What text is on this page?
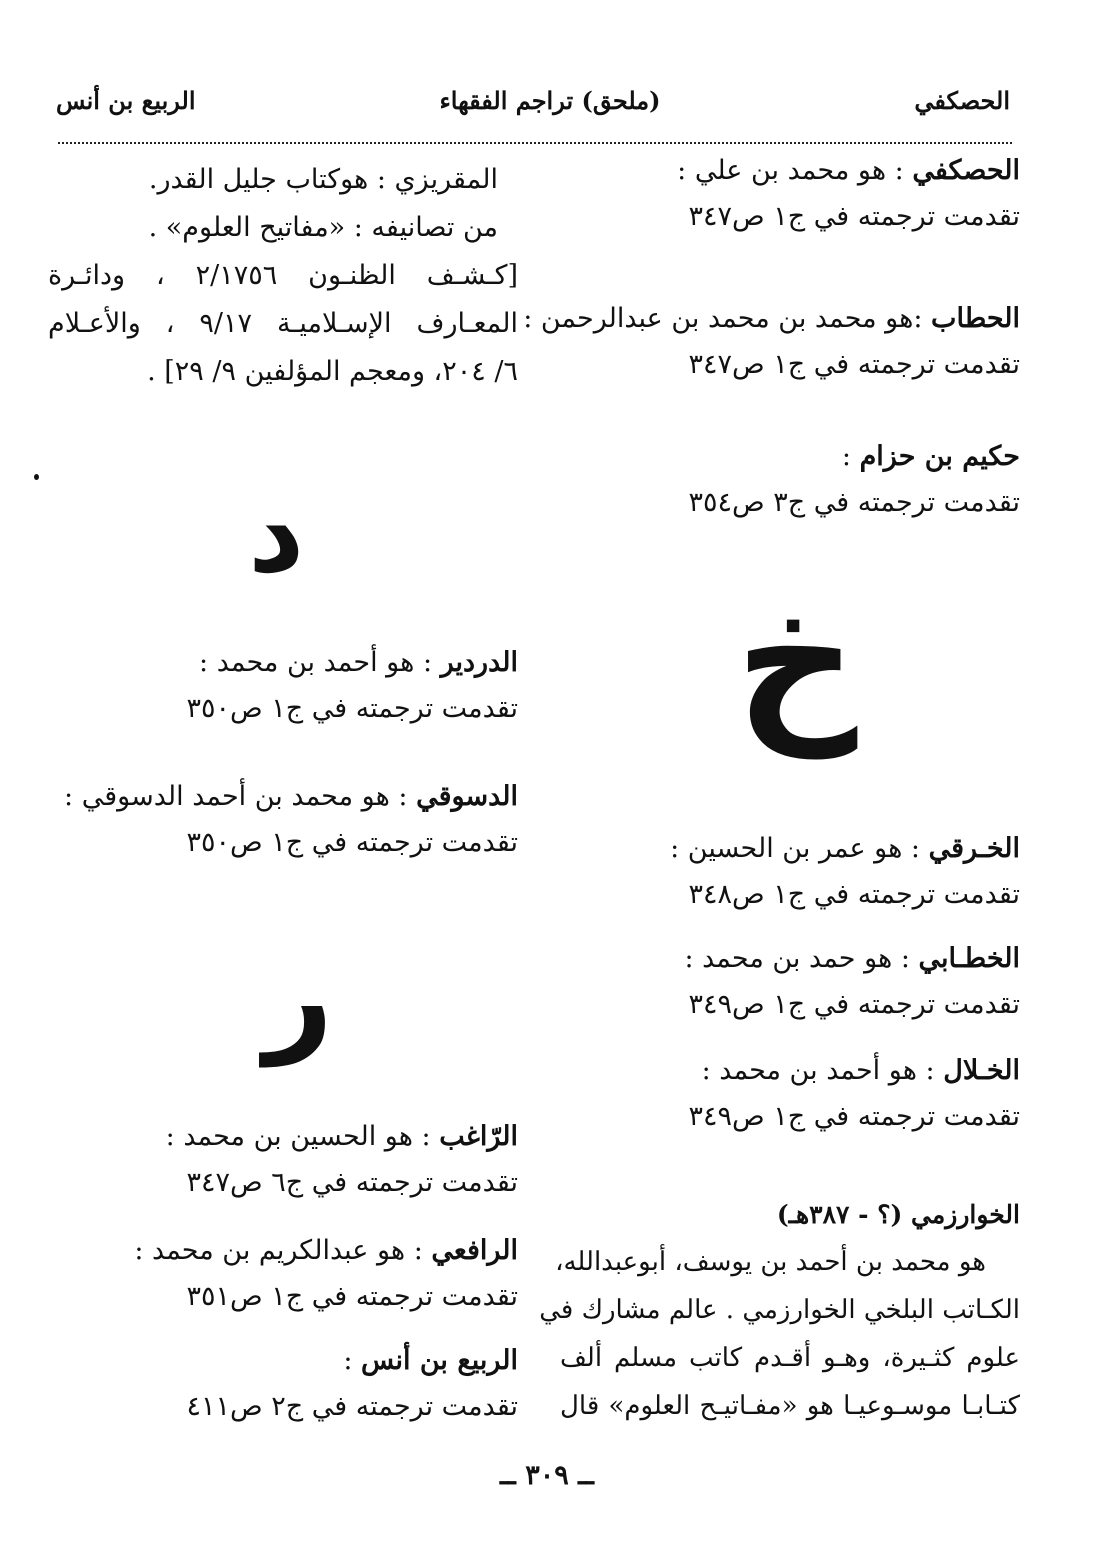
الحصكفي
(ملحق) تراجم الفقهاء
الربيع بن أنس
الحصكفي : هو محمد بن علي :
تقدمت ترجمته في ج١ ص٣٤٧
الحطاب :هو محمد بن محمد بن عبدالرحمن :
تقدمت ترجمته في ج١ ص٣٤٧
حكيم بن حزام :
تقدمت ترجمته في ج٣ ص٣٥٤
خ
الخـرقي : هو عمر بن الحسين :
تقدمت ترجمته في ج١ ص٣٤٨
الخطـابي : هو حمد بن محمد :
تقدمت ترجمته في ج١ ص٣٤٩
الخـلال : هو أحمد بن محمد :
تقدمت ترجمته في ج١ ص٣٤٩
الخوارزمي (؟ - ٣٨٧هـ)
هو محمد بن أحمد بن يوسف، أبوعبدالله،
الكـاتب البلخي الخوارزمي . عالم مشارك في
علوم كثـيرة، وهـو أقـدم كاتب مسلم ألف
كتـابـا موسـوعيـا هو «مفـاتيـح العلوم» قال
المقريزي : هوكتاب جليل القدر.
من تصانيفه : «مفاتيح العلوم» .
[كـشـف الظنـون ٢/١٧٥٦ ، ودائـرة
المعـارف الإسـلاميـة ٩/١٧ ، والأعـلام
٦/ ٢٠٤، ومعجم المؤلفين ٩/ ٢٩] .
د
الدردير : هو أحمد بن محمد :
تقدمت ترجمته في ج١ ص٣٥٠
الدسوقي : هو محمد بن أحمد الدسوقي :
تقدمت ترجمته في ج١ ص٣٥٠
ر
الرّاغب : هو الحسين بن محمد :
تقدمت ترجمته في ج٦ ص٣٤٧
الرافعي : هو عبدالكريم بن محمد :
تقدمت ترجمته في ج١ ص٣٥١
الربيع بن أنس :
تقدمت ترجمته في ج٢ ص٤١١
ــ ٣٠٩ ــ
